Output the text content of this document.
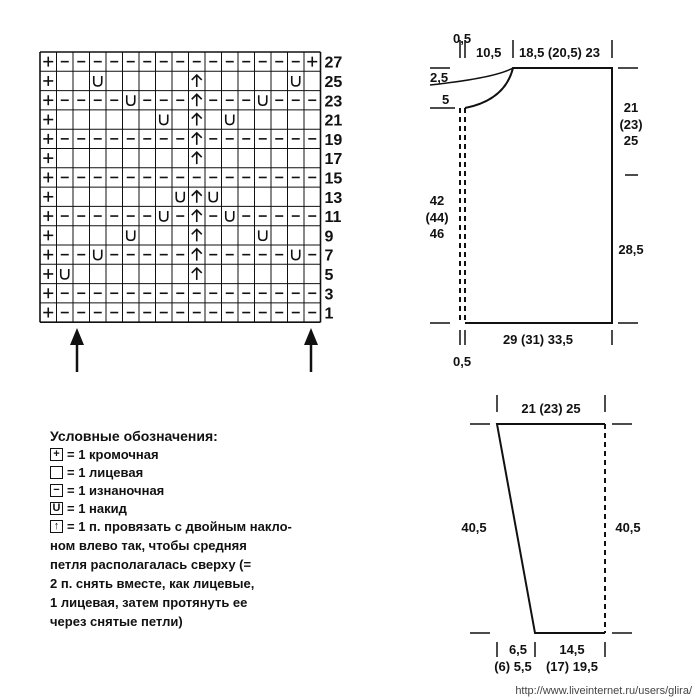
27
25
23
21
19
17
15
13
11
9
7
5
3
1
0,5
10,5 18,5 (20,5) 23
2,5
5
21
(23)
25
42
(44)
46
28,5
29 (31) 33,5
0,5
21 (23) 25
40,5	40,5
6,5
(6) 5,5
14,5
(17) 19,5
Условные обозначения:
+ = 1 кромочная
= 1 лицевая
− = 1 изнаночная
U = 1 накид
↑ = 1 п. провязать с двойным накло-
ном влево так, чтобы средняя
петля располагалась сверху (=
2 п. снять вместе, как лицевые,
1 лицевая, затем протянуть ее
через снятые петли)
http://www.liveinternet.ru/users/glira/
